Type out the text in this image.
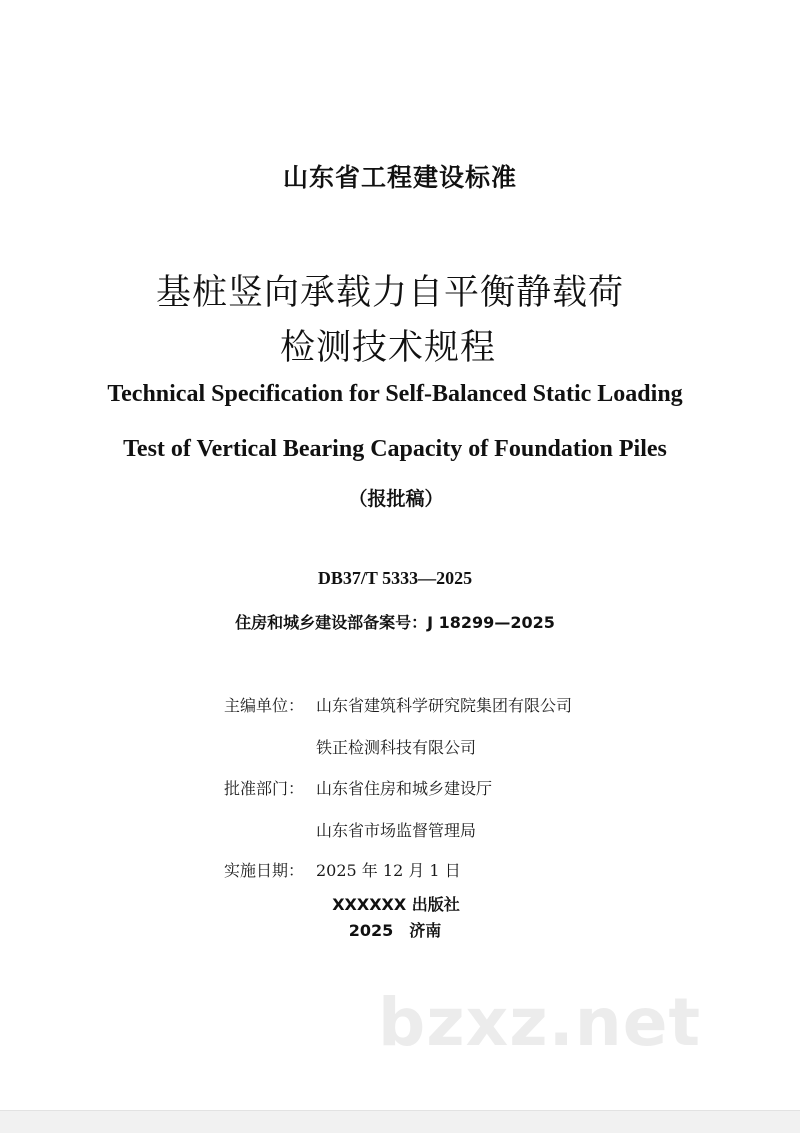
山东省工程建设标准
基桩竖向承载力自平衡静载荷
检测技术规程
Technical Specification for Self-Balanced Static Loading
Test of Vertical Bearing Capacity of Foundation Piles
（报批稿）
DB37/T 5333—2025
住房和城乡建设部备案号：J 18299—2025
主编单位： 山东省建筑科学研究院集团有限公司
铁正检测科技有限公司
批准部门： 山东省住房和城乡建设厅
山东省市场监督管理局
实施日期： 2025 年 12 月 1 日
XXXXXX 出版社
2025　济南
bzxz.net
